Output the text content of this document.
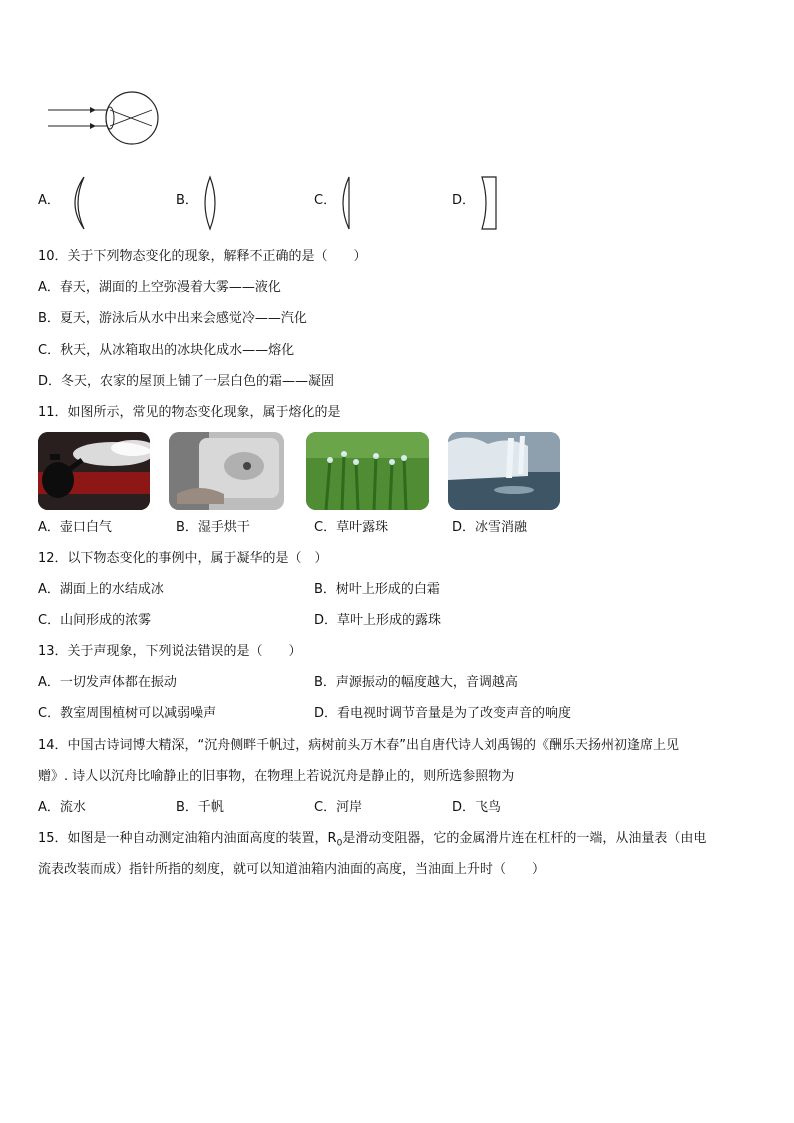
A．	B．	C．	D．
10．关于下列物态变化的现象，解释不正确的是（　　）
A．春天，湖面的上空弥漫着大雾——液化
B．夏天，游泳后从水中出来会感觉冷——汽化
C．秋天，从冰箱取出的冰块化成水——熔化
D．冬天，农家的屋顶上铺了一层白色的霜——凝固
11．如图所示，常见的物态变化现象，属于熔化的是
A．壶口白气	B．湿手烘干	C．草叶露珠	D．冰雪消融
12．以下物态变化的事例中，属于凝华的是（　）
A．湖面上的水结成冰	B．树叶上形成的白霜
C．山间形成的浓雾	D．草叶上形成的露珠
13．关于声现象，下列说法错误的是（　　）
A．一切发声体都在振动	B．声源振动的幅度越大，音调越高
C．教室周围植树可以减弱噪声	D．看电视时调节音量是为了改变声音的响度
14．中国古诗词博大精深，“沉舟侧畔千帆过，病树前头万木春”出自唐代诗人刘禹锡的《酬乐天扬州初逢席上见
赠》. 诗人以沉舟比喻静止的旧事物，在物理上若说沉舟是静止的，则所选参照物为
A．流水	B．千帆	C．河岸	D．飞鸟
15．如图是一种自动测定油箱内油面高度的装置，$R_0$是滑动变阻器，它的金属滑片连在杠杆的一端，从油量表（由电
流表改装而成）指针所指的刻度，就可以知道油箱内油面的高度，当油面上升时（　　）
